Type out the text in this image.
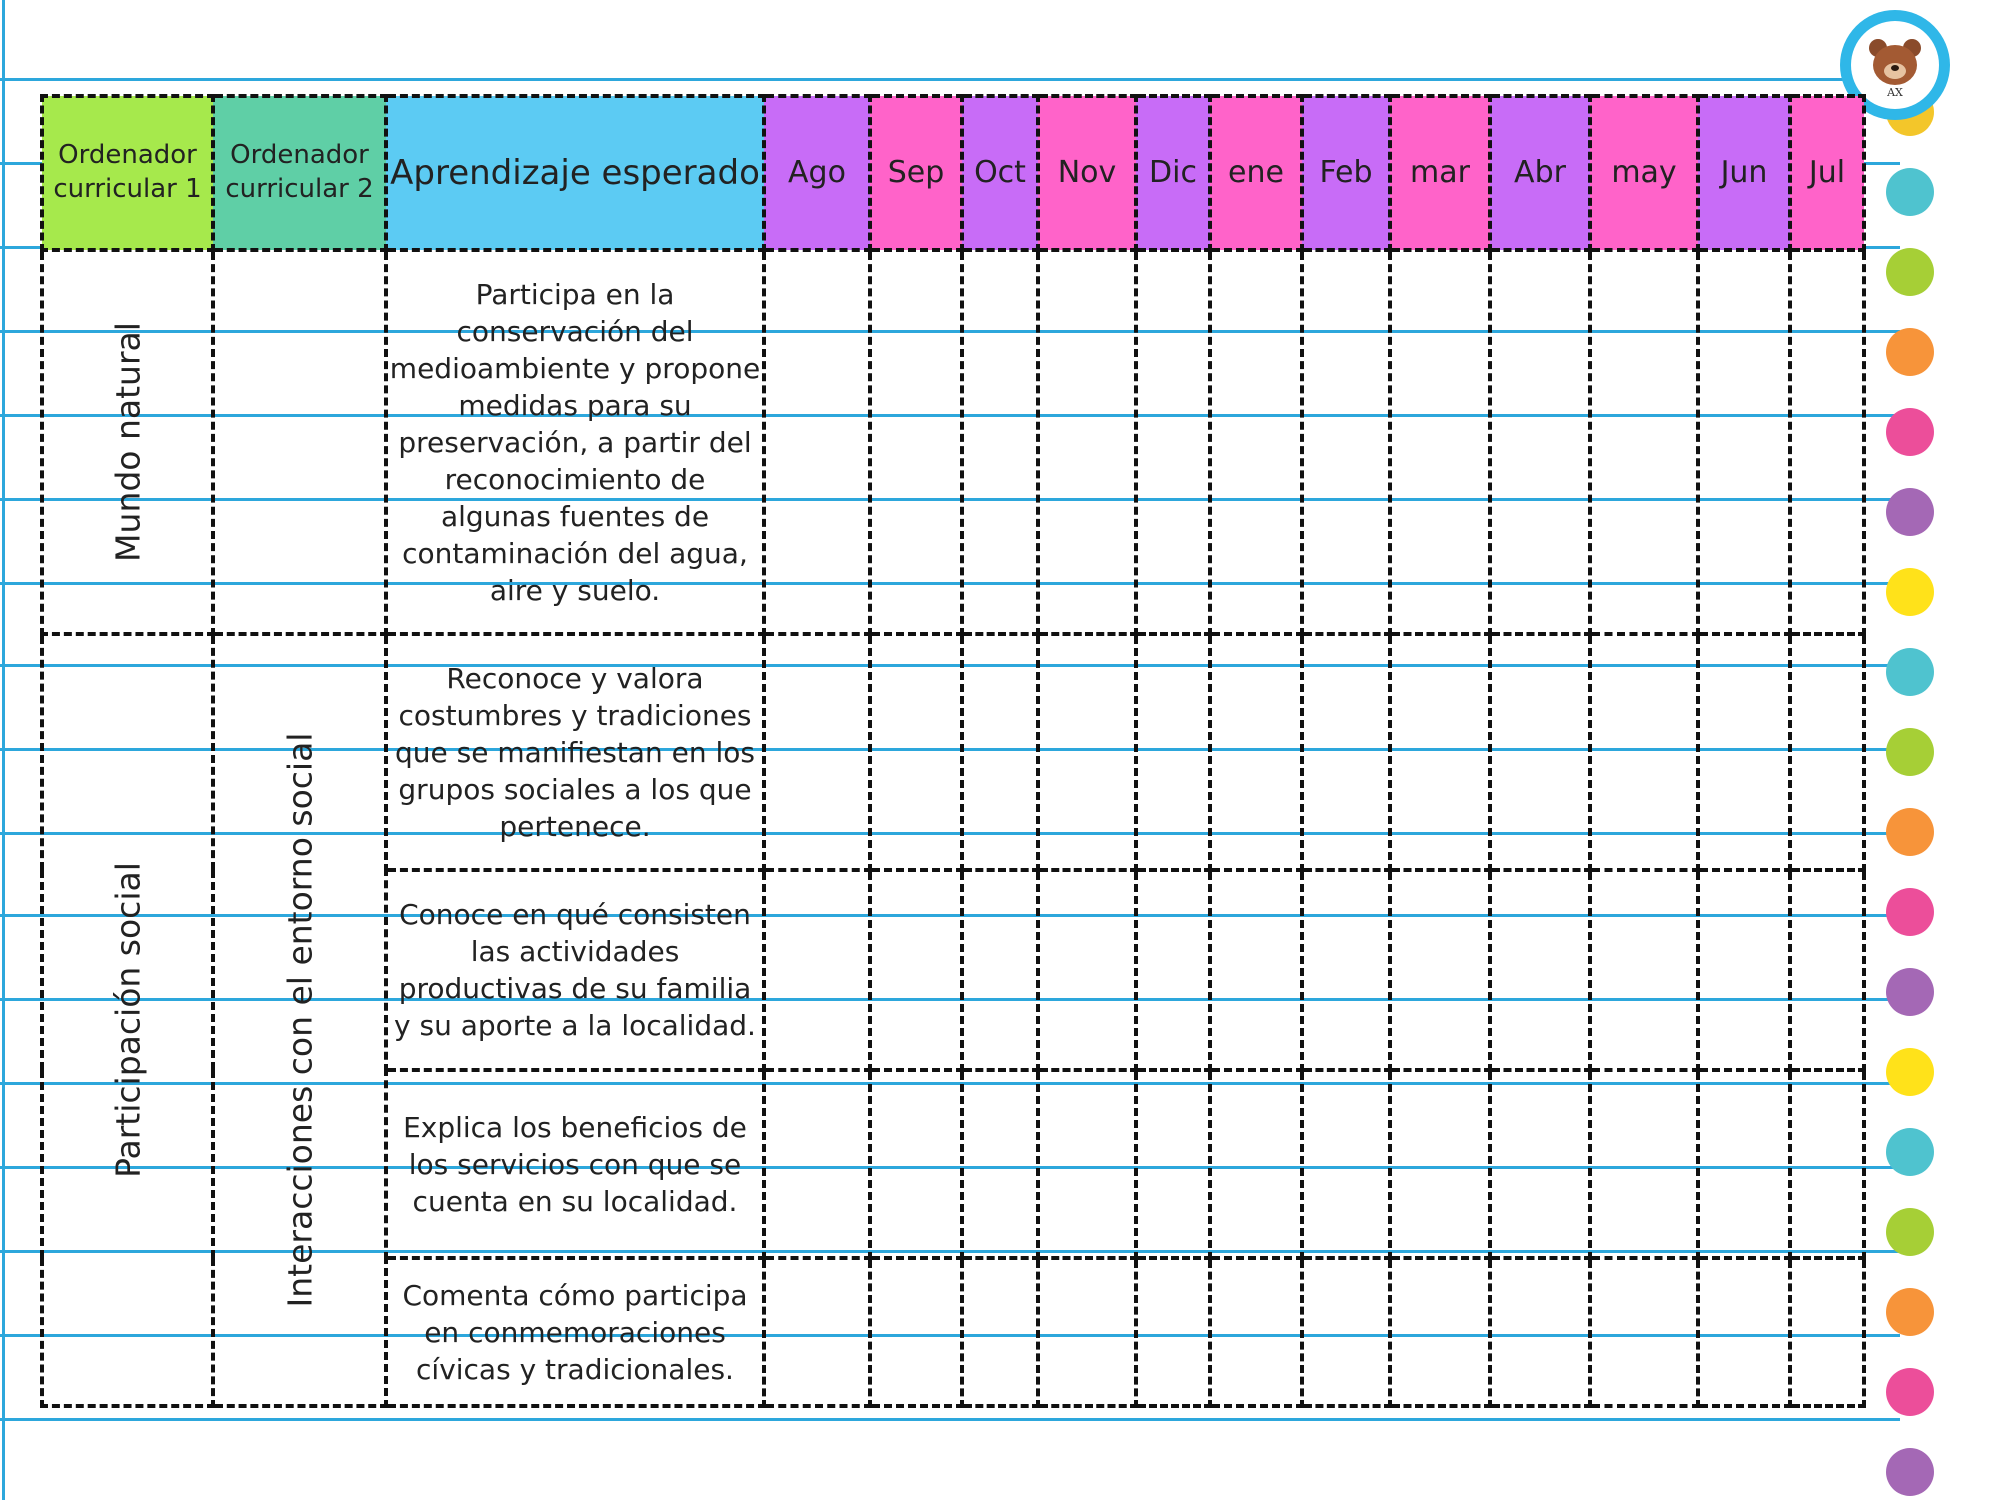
AX
Ordenador curricular 1	Ordenador curricular 2	Aprendizaje esperado	Ago	Sep	Oct	Nov	Dic	ene	Feb	mar	Abr	may	Jun	Jul

Mundo natural		Participa en la conservación del medioambiente y propone medidas para su preservación, a partir del reconocimiento de algunas fuentes de contaminación del agua, aire y suelo.												

Participación social	Interacciones con el entorno social	Reconoce y valora costumbres y tradiciones que se manifiestan en los grupos sociales a los que pertenece.												
		Conoce en qué consisten las actividades productivas de su familia y su aporte a la localidad.												
		Explica los beneficios de los servicios con que se cuenta en su localidad.												
		Comenta cómo participa en conmemoraciones cívicas y tradicionales.												
